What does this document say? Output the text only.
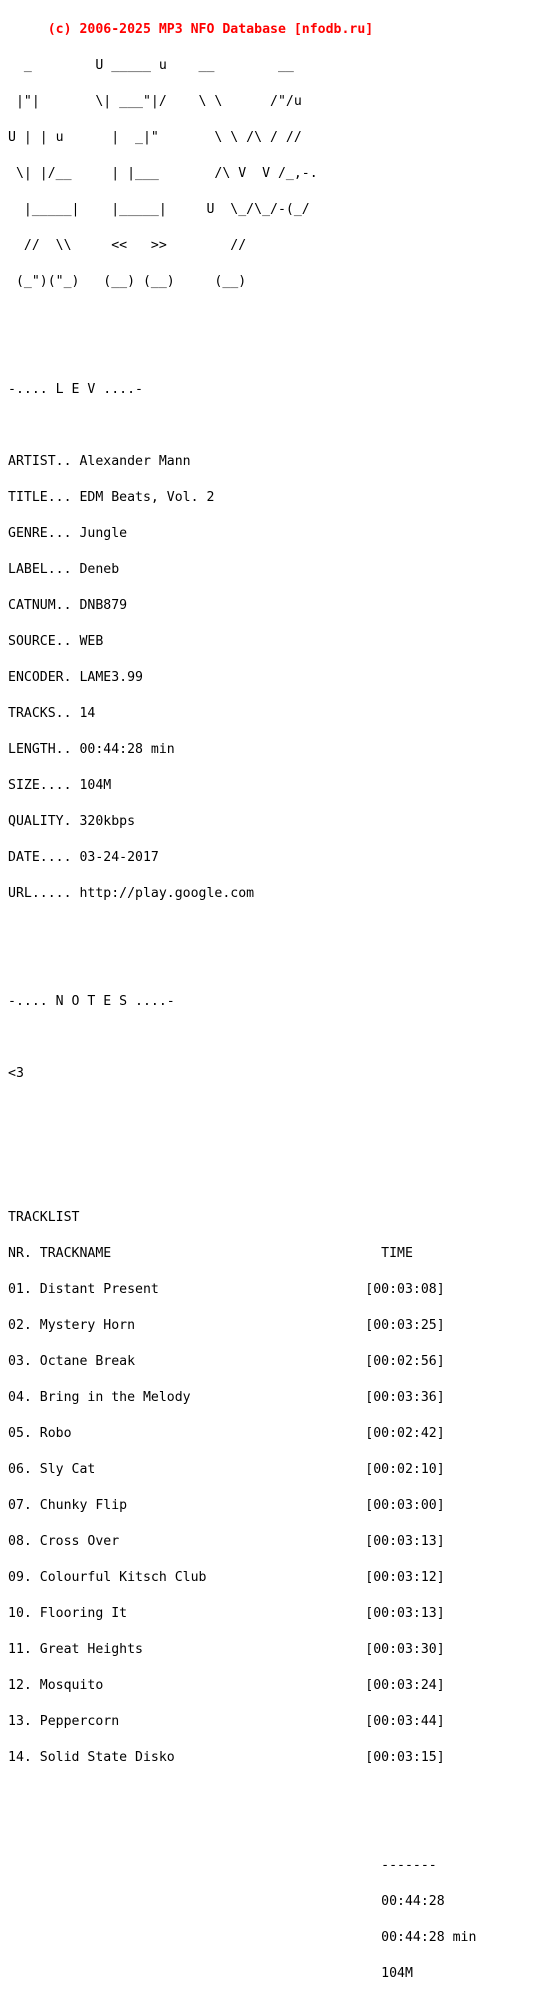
(c) 2006-2025 MP3 NFO Database [nfodb.ru]

_        U _____ u    __        __

|"|       \| ___"|/    \ \      /"/u

U | | u      |  _|"       \ \ /\ / //

\| |/__     | |___       /\ V  V /_,-.

|_____|    |_____|     U  \_/\_/-(_/

//  \\     <<   >>        //

(_")("_)   (__) (__)     (__)

-.... L E V ....-

ARTIST.. Alexander Mann

TITLE... EDM Beats, Vol. 2

GENRE... Jungle

LABEL... Deneb

CATNUM.. DNB879

SOURCE.. WEB

ENCODER. LAME3.99

TRACKS.. 14

LENGTH.. 00:44:28 min

SIZE.... 104M

QUALITY. 320kbps

DATE.... 03-24-2017

URL..... http://play.google.com

-.... N O T E S ....-

<3

TRACKLIST

NR. TRACKNAME                                  TIME

01. Distant Present                          [00:03:08]

02. Mystery Horn                             [00:03:25]

03. Octane Break                             [00:02:56]

04. Bring in the Melody                      [00:03:36]

05. Robo                                     [00:02:42]

06. Sly Cat                                  [00:02:10]

07. Chunky Flip                              [00:03:00]

08. Cross Over                               [00:03:13]

09. Colourful Kitsch Club                    [00:03:12]

10. Flooring It                              [00:03:13]

11. Great Heights                            [00:03:30]

12. Mosquito                                 [00:03:24]

13. Peppercorn                               [00:03:44]

14. Solid State Disko                        [00:03:15]

-------

00:44:28

00:44:28 min

104M
